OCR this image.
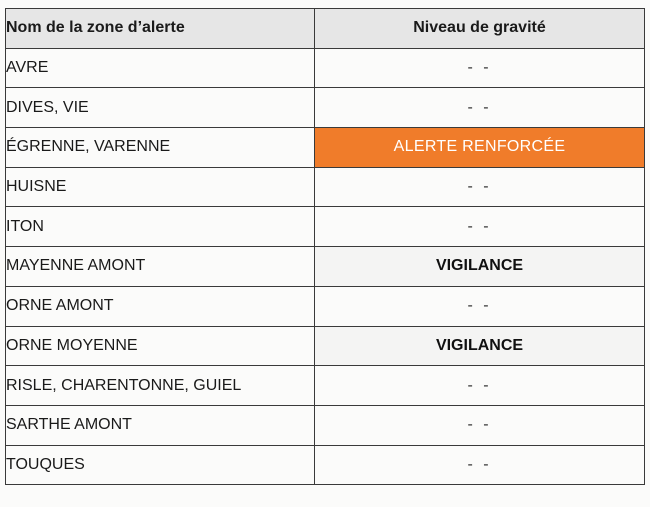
Nom de la zone d’alerte	Niveau de gravité
AVRE	- -
DIVES, VIE	- -
ÉGRENNE, VARENNE	ALERTE RENFORCÉE
HUISNE	- -
ITON	- -
MAYENNE AMONT	VIGILANCE
ORNE AMONT	- -
ORNE MOYENNE	VIGILANCE
RISLE, CHARENTONNE, GUIEL	- -
SARTHE AMONT	- -
TOUQUES	- -
